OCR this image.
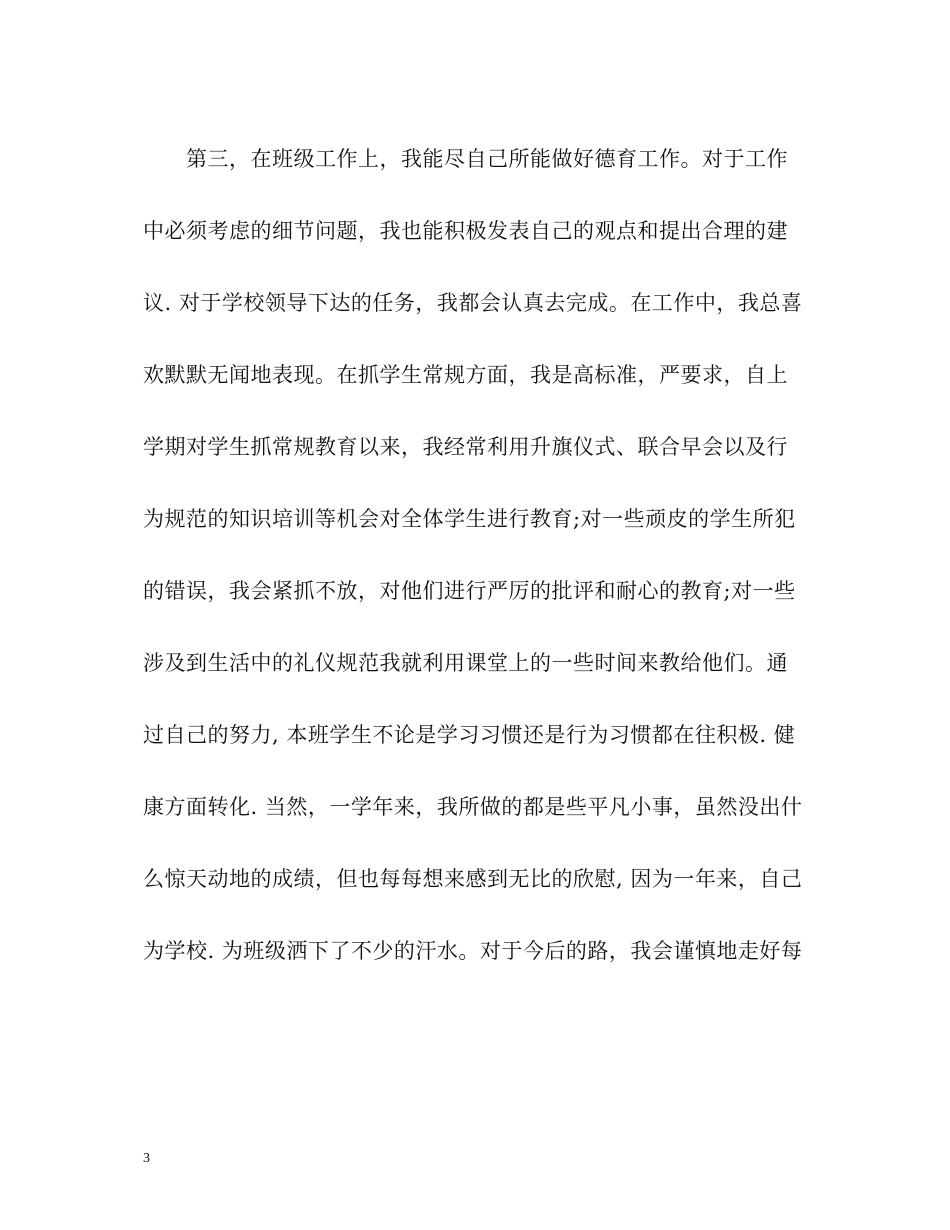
第三，在班级工作上，我能尽自己所能做好德育工作。对于工作
中必须考虑的细节问题，我也能积极发表自己的观点和提出合理的建
议. 对于学校领导下达的任务，我都会认真去完成。在工作中，我总喜
欢默默无闻地表现。在抓学生常规方面，我是高标准，严要求，自上
学期对学生抓常规教育以来，我经常利用升旗仪式、联合早会以及行
为规范的知识培训等机会对全体学生进行教育;对一些顽皮的学生所犯
的错误，我会紧抓不放，对他们进行严厉的批评和耐心的教育;对一些
涉及到生活中的礼仪规范我就利用课堂上的一些时间来教给他们。通
过自己的努力, 本班学生不论是学习习惯还是行为习惯都在往积极. 健
康方面转化. 当然，一学年来，我所做的都是些平凡小事，虽然没出什
么惊天动地的成绩，但也每每想来感到无比的欣慰, 因为一年来，自己
为学校. 为班级洒下了不少的汗水。对于今后的路，我会谨慎地走好每
3
